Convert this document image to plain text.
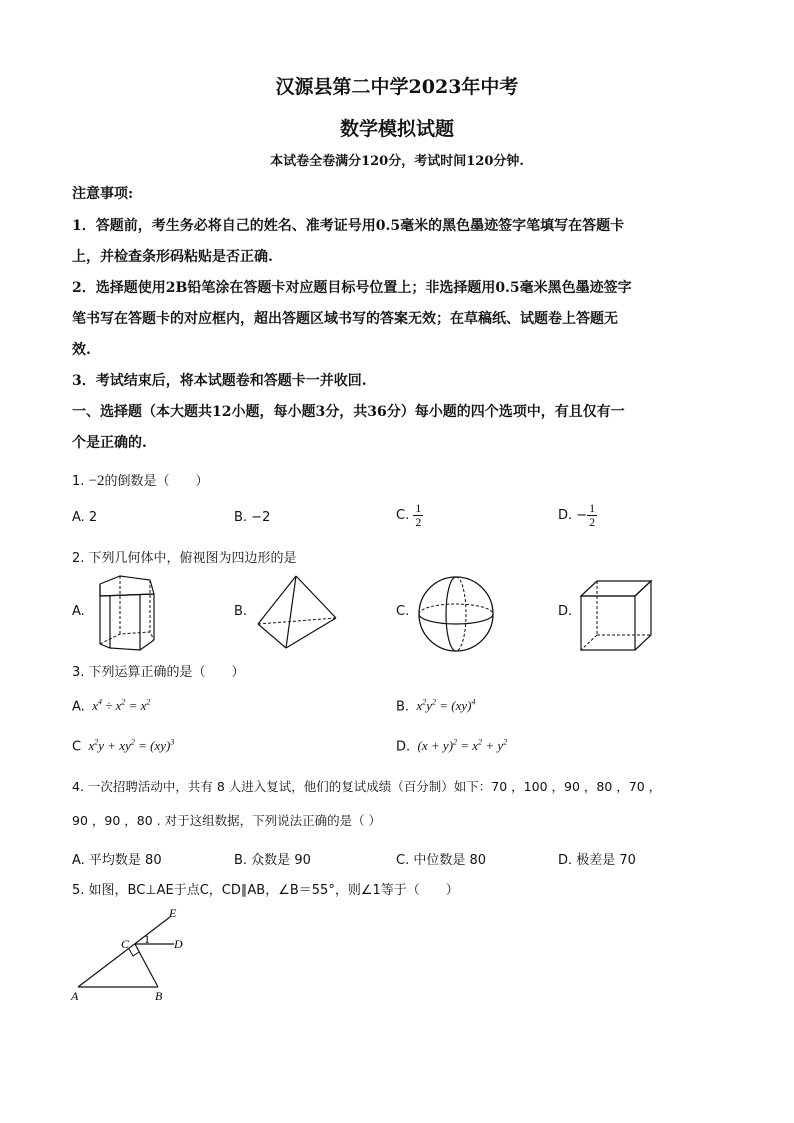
汉源县第二中学2023年中考
数学模拟试题
本试卷全卷满分120分，考试时间120分钟.
注意事项:
1．答题前，考生务必将自己的姓名、准考证号用0.5毫米的黑色墨迹签字笔填写在答题卡
上，并检查条形码粘贴是否正确.
2．选择题使用2B铅笔涂在答题卡对应题目标号位置上；非选择题用0.5毫米黑色墨迹签字
笔书写在答题卡的对应框内，超出答题区域书写的答案无效；在草稿纸、试题卷上答题无
效.
3．考试结束后，将本试题卷和答题卡一并收回.
一、选择题（本大题共12小题，每小题3分，共36分）每小题的四个选项中，有且仅有一
个是正确的.
1. −2的倒数是（　　）
A. 2	B. −2	C. $\frac{1}{2}$	D. − $\frac{1}{2}$
2. 下列几何体中，俯视图为四边形的是
A.	B.	C.	D.
3. 下列运算正确的是（　　）
A.  $x^4 \div x^2 = x^2$	B.  $x^2y^2 = (xy)^4$
C  $x^2y + xy^2 = (xy)^3$	D.  $(x + y)^2 = x^2 + y^2$
4. 一次招聘活动中，共有 8 人进入复试，他们的复试成绩（百分制）如下：70 ，100 ，90 ，80 ，70 ，
90 ，90 ，80 . 对于这组数据，下列说法正确的是（ ）
A. 平均数是 80	B. 众数是 90	C. 中位数是 80	D. 极差是 70
5. 如图，BC⊥AE于点C，CD∥AB，∠B＝55°，则∠1等于（　　）
E
C 1 D
A	B
